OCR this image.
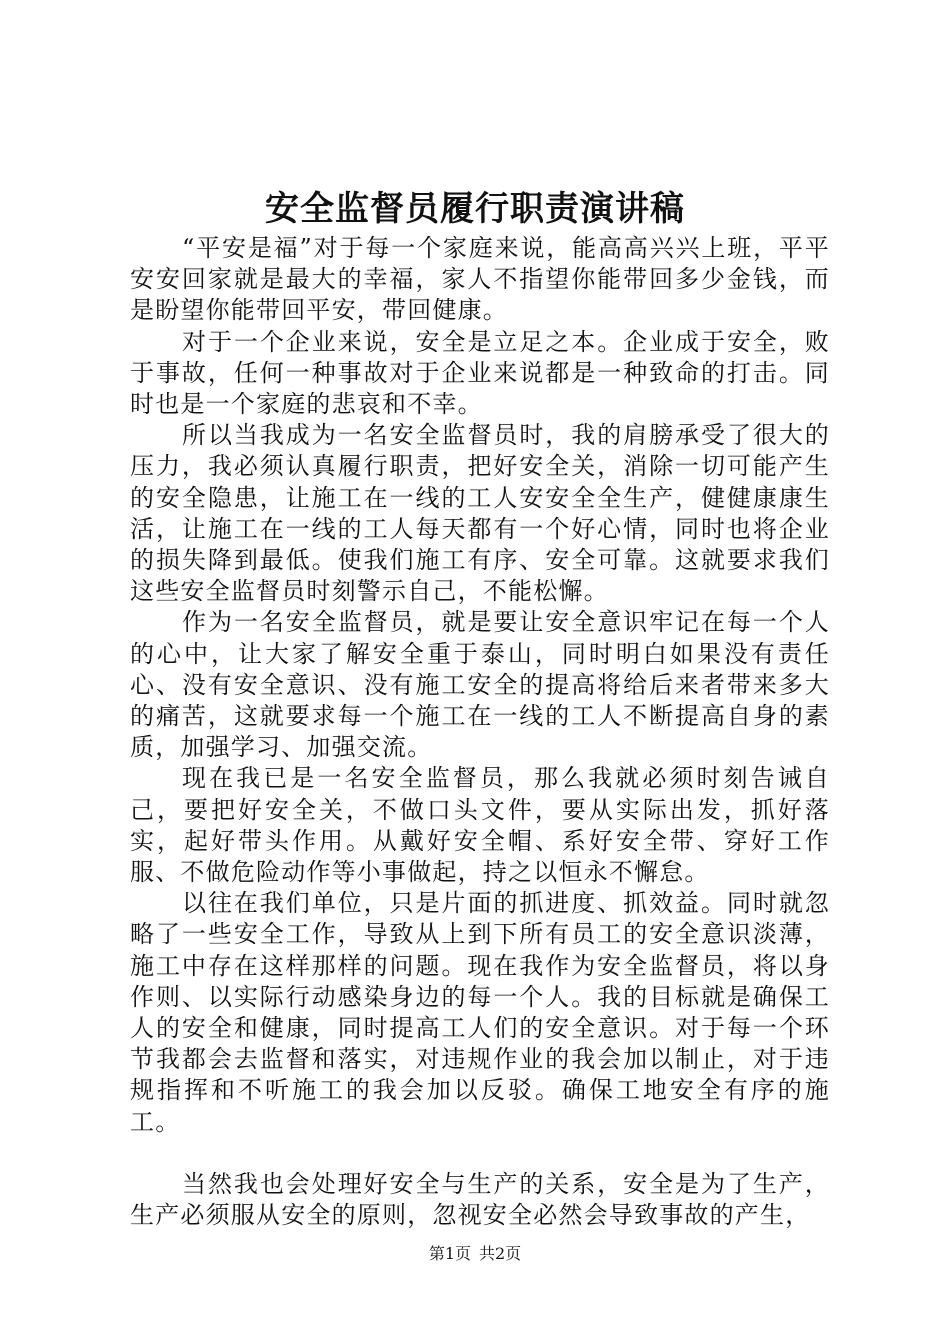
安全监督员履行职责演讲稿

“平安是福”对于每一个家庭来说，能高高兴兴上班，平平安安回家就是最大的幸福，家人不指望你能带回多少金钱，而是盼望你能带回平安，带回健康。

对于一个企业来说，安全是立足之本。企业成于安全，败于事故，任何一种事故对于企业来说都是一种致命的打击。同时也是一个家庭的悲哀和不幸。

所以当我成为一名安全监督员时，我的肩膀承受了很大的压力，我必须认真履行职责，把好安全关，消除一切可能产生的安全隐患，让施工在一线的工人安安全全生产，健健康康生活，让施工在一线的工人每天都有一个好心情，同时也将企业的损失降到最低。使我们施工有序、安全可靠。这就要求我们这些安全监督员时刻警示自己，不能松懈。

作为一名安全监督员，就是要让安全意识牢记在每一个人的心中，让大家了解安全重于泰山，同时明白如果没有责任心、没有安全意识、没有施工安全的提高将给后来者带来多大的痛苦，这就要求每一个施工在一线的工人不断提高自身的素质，加强学习、加强交流。

现在我已是一名安全监督员，那么我就必须时刻告诫自己，要把好安全关，不做口头文件，要从实际出发，抓好落实，起好带头作用。从戴好安全帽、系好安全带、穿好工作服、不做危险动作等小事做起，持之以恒永不懈怠。

以往在我们单位，只是片面的抓进度、抓效益。同时就忽略了一些安全工作，导致从上到下所有员工的安全意识淡薄，施工中存在这样那样的问题。现在我作为安全监督员，将以身作则、以实际行动感染身边的每一个人。我的目标就是确保工人的安全和健康，同时提高工人们的安全意识。对于每一个环节我都会去监督和落实，对违规作业的我会加以制止，对于违规指挥和不听施工的我会加以反驳。确保工地安全有序的施工。

当然我也会处理好安全与生产的关系，安全是为了生产，生产必须服从安全的原则，忽视安全必然会导致事故的产生，

第1页 共2页
